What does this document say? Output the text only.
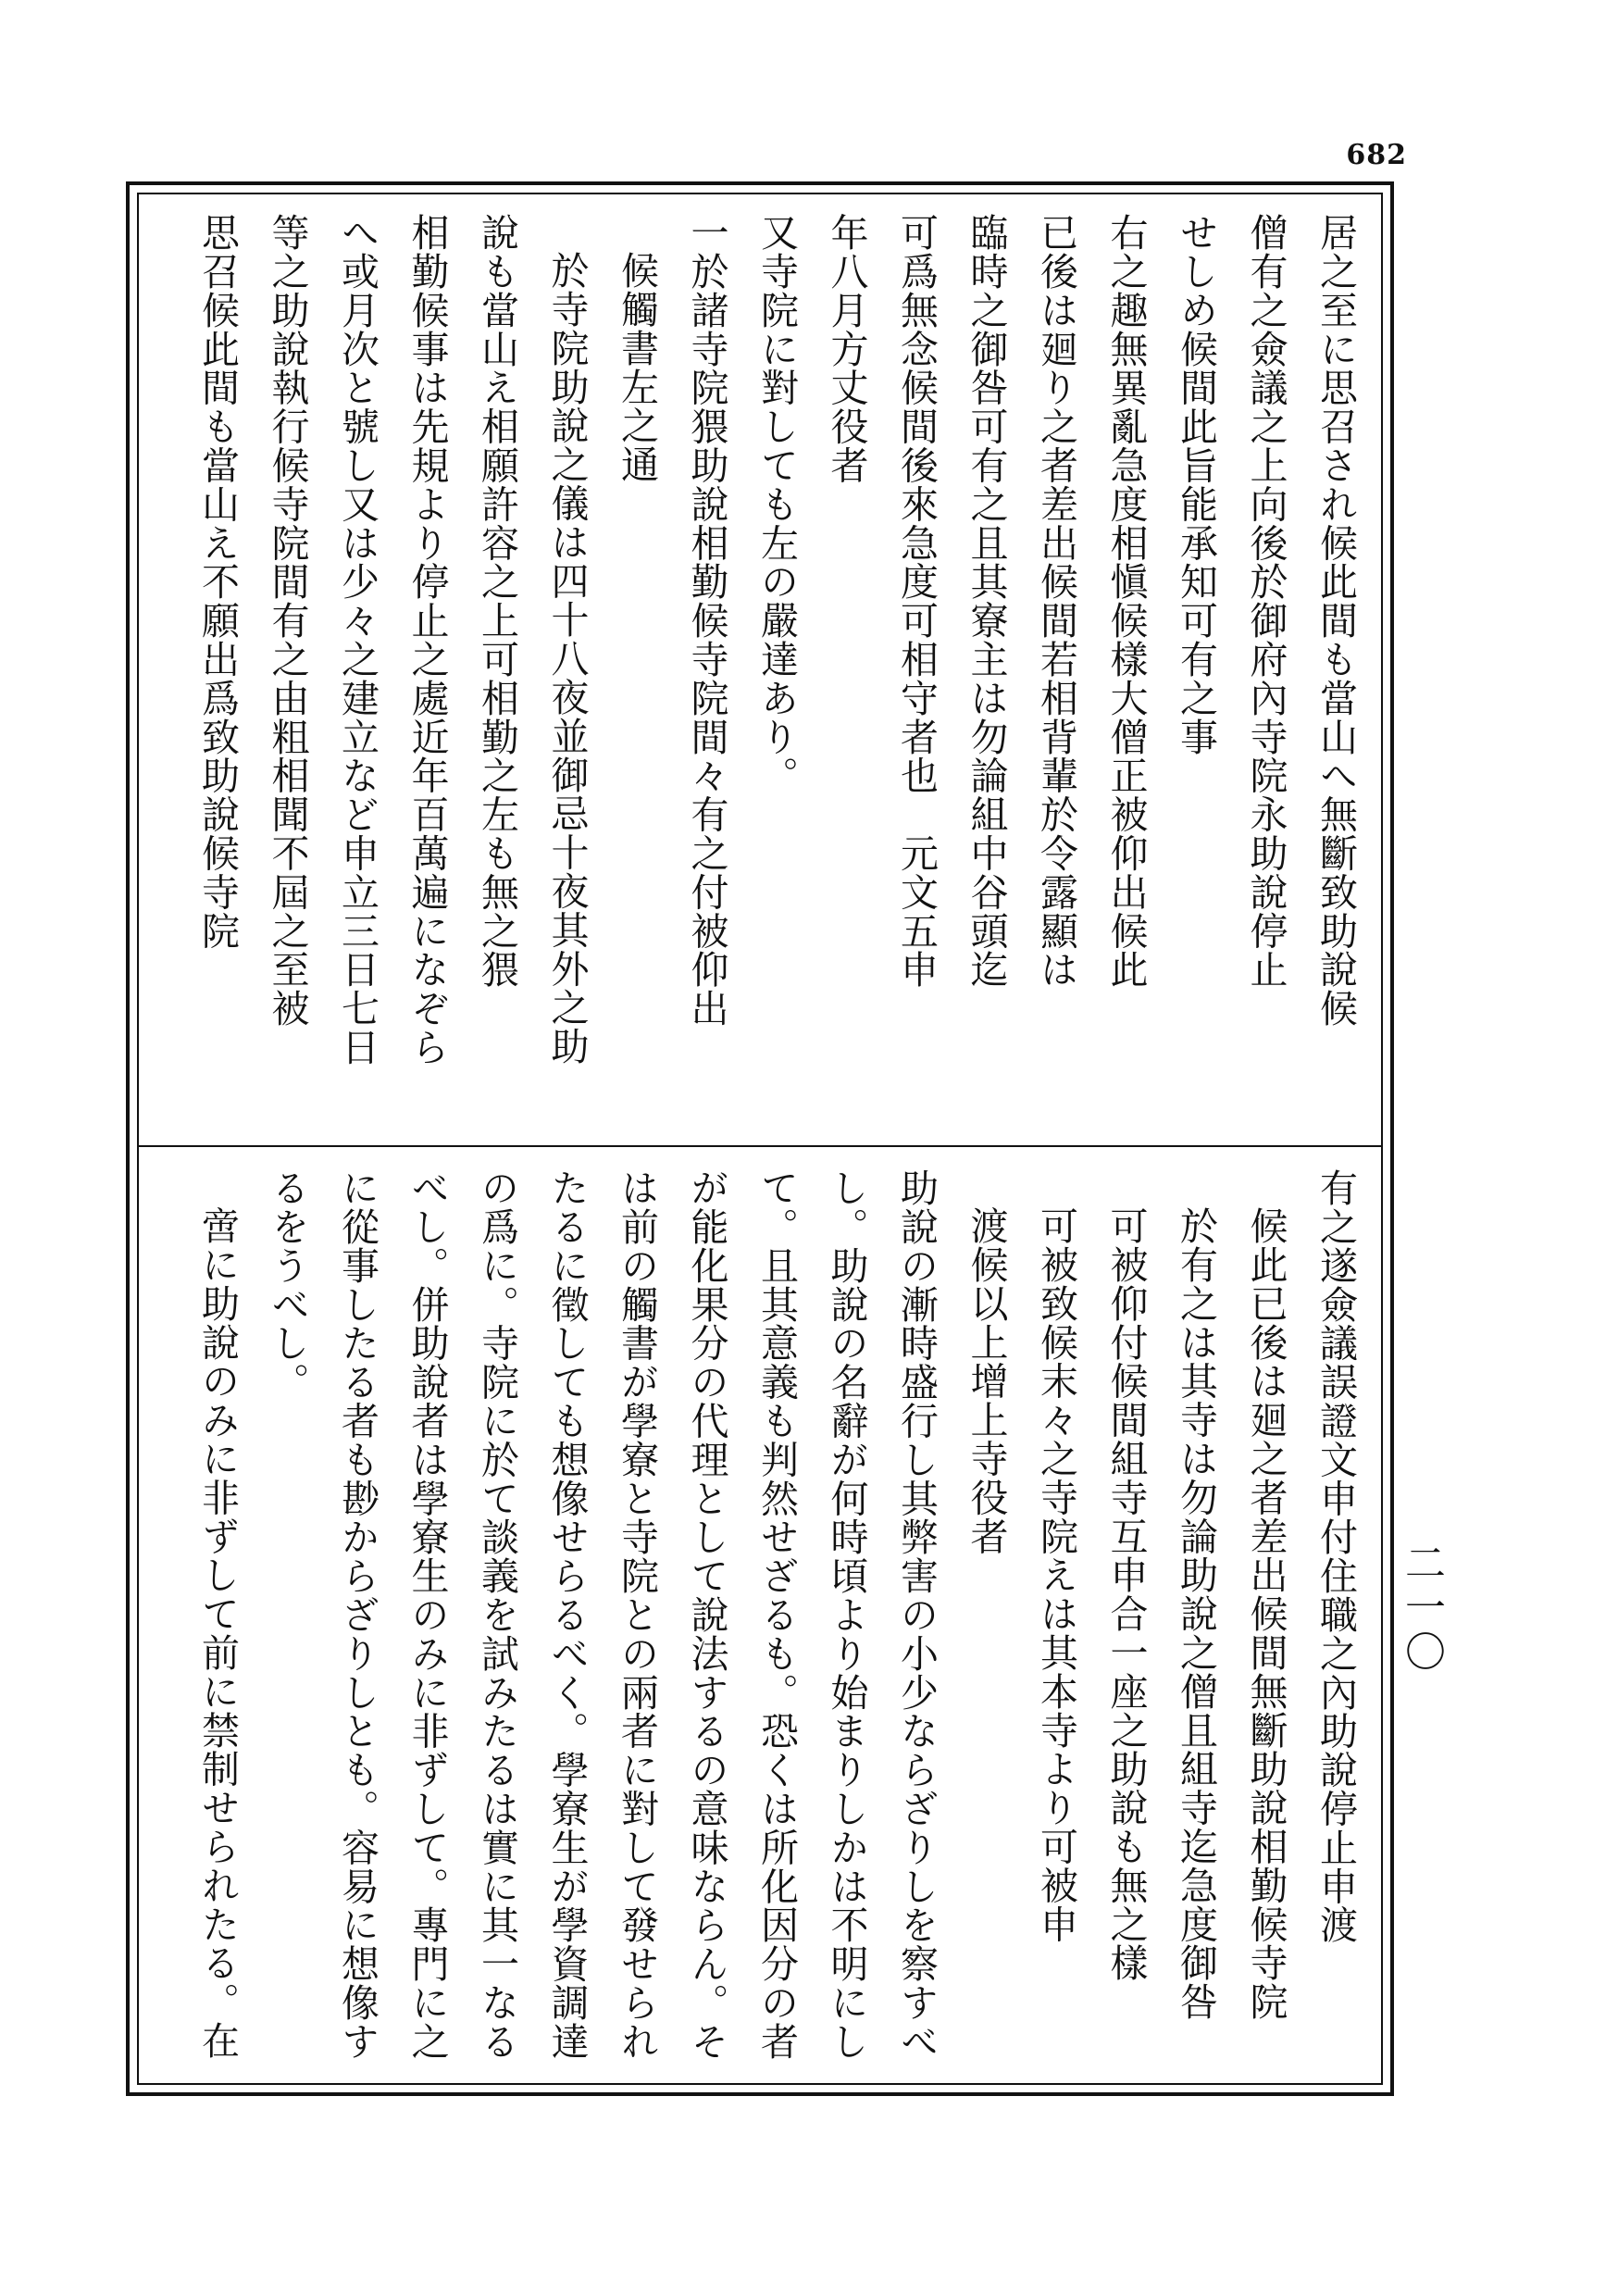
682
居之至に思召され候此間も當山へ無斷致助說候
僧有之僉議之上向後於御府內寺院永助說停止
せしめ候間此旨能承知可有之事
右之趣無異亂急度相愼候樣大僧正被仰出候此
已後は廻り之者差出候間若相背輩於令露顯は
臨時之御咎可有之且其寮主は勿論組中谷頭迄
可爲無念候間後來急度可相守者也　元文五申
年八月方丈役者
又寺院に對しても左の嚴達あり。
一於諸寺院猥助說相勤候寺院間々有之付被仰出
候觸書左之通
於寺院助說之儀は四十八夜並御忌十夜其外之助
說も當山え相願許容之上可相勤之左も無之猥
相勤候事は先規より停止之處近年百萬遍になぞら
へ或月次と號し又は少々之建立など申立三日七日
等之助說執行候寺院間有之由粗相聞不屆之至被
思召候此間も當山え不願出爲致助說候寺院
有之遂僉議誤證文申付住職之內助說停止申渡
候此已後は廻之者差出候間無斷助說相勤候寺院
於有之は其寺は勿論助說之僧且組寺迄急度御咎
可被仰付候間組寺互申合一座之助說も無之樣
可被致候末々之寺院えは其本寺より可被申
渡候以上增上寺役者
助說の漸時盛行し其弊害の小少ならざりしを察すべ
し。助說の名辭が何時頃より始まりしかは不明にし
て。且其意義も判然せざるも。恐くは所化因分の者
が能化果分の代理として說法するの意味ならん。そ
は前の觸書が學寮と寺院との兩者に對して發せられ
たるに徵しても想像せらるべく。學寮生が學資調達
の爲に。寺院に於て談義を試みたるは實に其一なる
べし。併助說者は學寮生のみに非ずして。專門に之
に從事したる者も尠からざりしとも。容易に想像す
るをうべし。
啻に助說のみに非ずして前に禁制せられたる。在	二一〇
